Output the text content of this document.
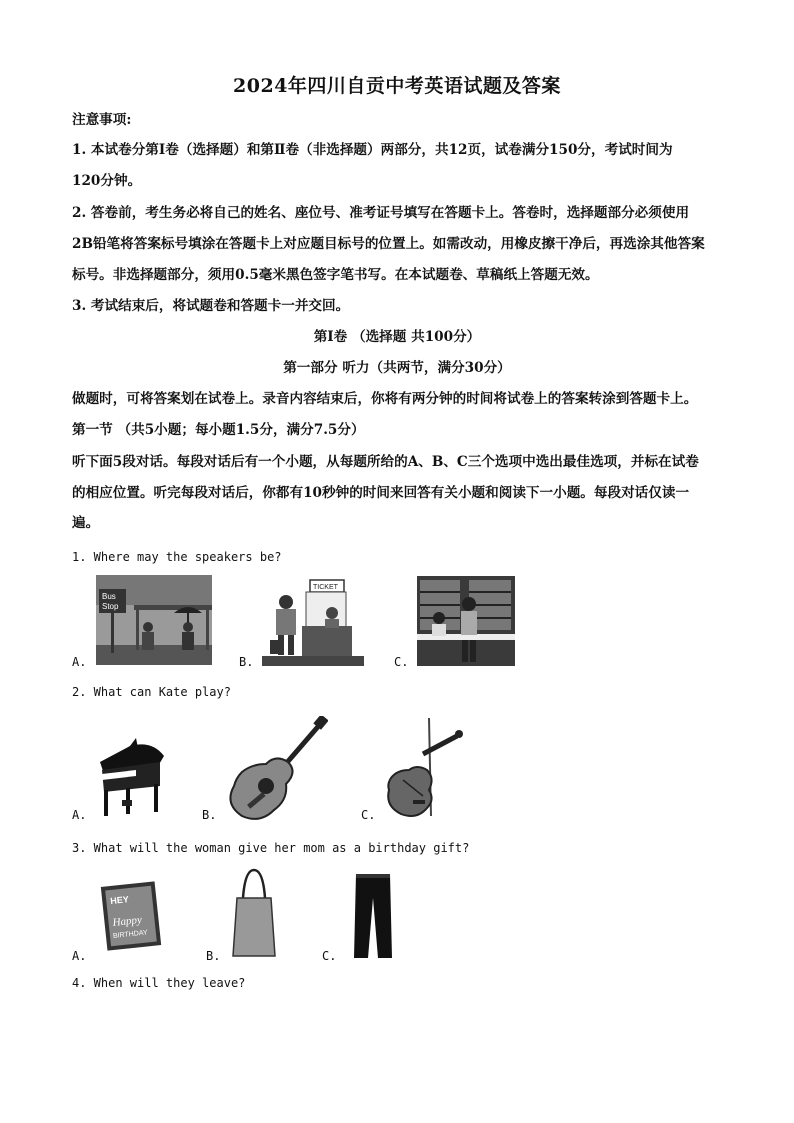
2024年四川自贡中考英语试题及答案
注意事项:
1. 本试卷分第Ⅰ卷（选择题）和第Ⅱ卷（非选择题）两部分，共12页，试卷满分150分，考试时间为
120分钟。
2. 答卷前，考生务必将自己的姓名、座位号、准考证号填写在答题卡上。答卷时，选择题部分必须使用
2B铅笔将答案标号填涂在答题卡上对应题目标号的位置上。如需改动，用橡皮擦干净后，再选涂其他答案
标号。非选择题部分，须用0.5毫米黑色签字笔书写。在本试题卷、草稿纸上答题无效。
3. 考试结束后，将试题卷和答题卡一并交回。
第Ⅰ卷 （选择题 共100分）
第一部分 听力（共两节，满分30分）
做题时，可将答案划在试卷上。录音内容结束后，你将有两分钟的时间将试卷上的答案转涂到答题卡上。
第一节 （共5小题；每小题1.5分，满分7.5分）
听下面5段对话。每段对话后有一个小题，从每题所给的A、B、C三个选项中选出最佳选项，并标在试卷
的相应位置。听完每段对话后，你都有10秒钟的时间来回答有关小题和阅读下一小题。每段对话仅读一
遍。
1. Where may the speakers be?
Bus
Stop
A.
TICKET
B.	C.
2. What can Kate play?
A.	B.	C.
3. What will the woman give her mom as a birthday gift?
HEY
Happy
BIRTHDAY
A.	B.	C.
4. When will they leave?
